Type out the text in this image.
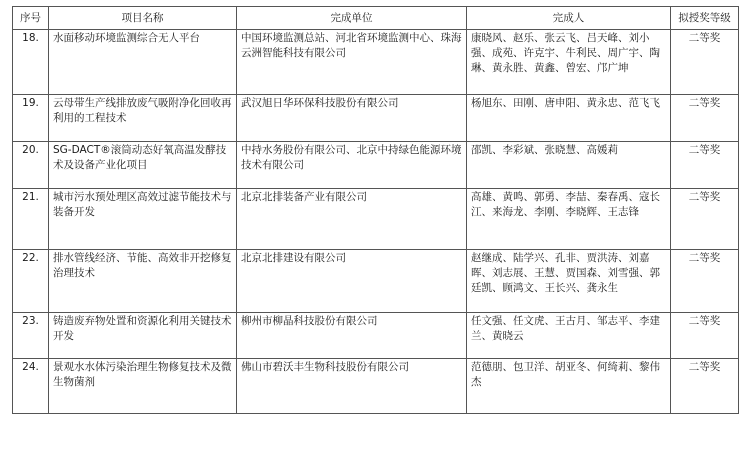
序号	项目名称	完成单位	完成人	拟授奖等级
18.	水面移动环境监测综合无人平台	中国环境监测总站、河北省环境监测中心、珠海云洲智能科技有限公司	康晓风、赵乐、张云飞、吕天峰、刘小强、成苑、许克宇、牛利民、周广宇、陶琳、黄永胜、黄鑫、曾宏、邝广坤	二等奖
19.	云母带生产线排放废气吸附净化回收再利用的工程技术	武汉旭日华环保科技股份有限公司	杨旭东、田刚、唐申阳、黄永忠、范飞飞	二等奖
20.	SG-DACT®滚筒动态好氧高温发酵技术及设备产业化项目	中持水务股份有限公司、北京中持绿色能源环境技术有限公司	邵凯、李彩斌、张晓慧、高媛莉	二等奖
21.	城市污水预处理区高效过滤节能技术与装备开发	北京北排装备产业有限公司	高雄、黄鸣、郭勇、李喆、秦春禹、寇长江、来海龙、李刚、李晓辉、王志锋	二等奖
22.	排水管线经济、节能、高效非开挖修复治理技术	北京北排建设有限公司	赵继成、陆学兴、孔非、贾洪涛、刘嘉晖、刘志展、王慧、贾国森、刘雪强、郭廷凯、顾鸿文、王长兴、龚永生	二等奖
23.	铸造废弃物处置和资源化利用关键技术开发	柳州市柳晶科技股份有限公司	任文强、任文虎、王古月、邹志平、李建兰、黄晓云	二等奖
24.	景观水水体污染治理生物修复技术及微生物菌剂	佛山市碧沃丰生物科技股份有限公司	范德朋、包卫洋、胡亚冬、何绮莉、黎伟杰	二等奖
